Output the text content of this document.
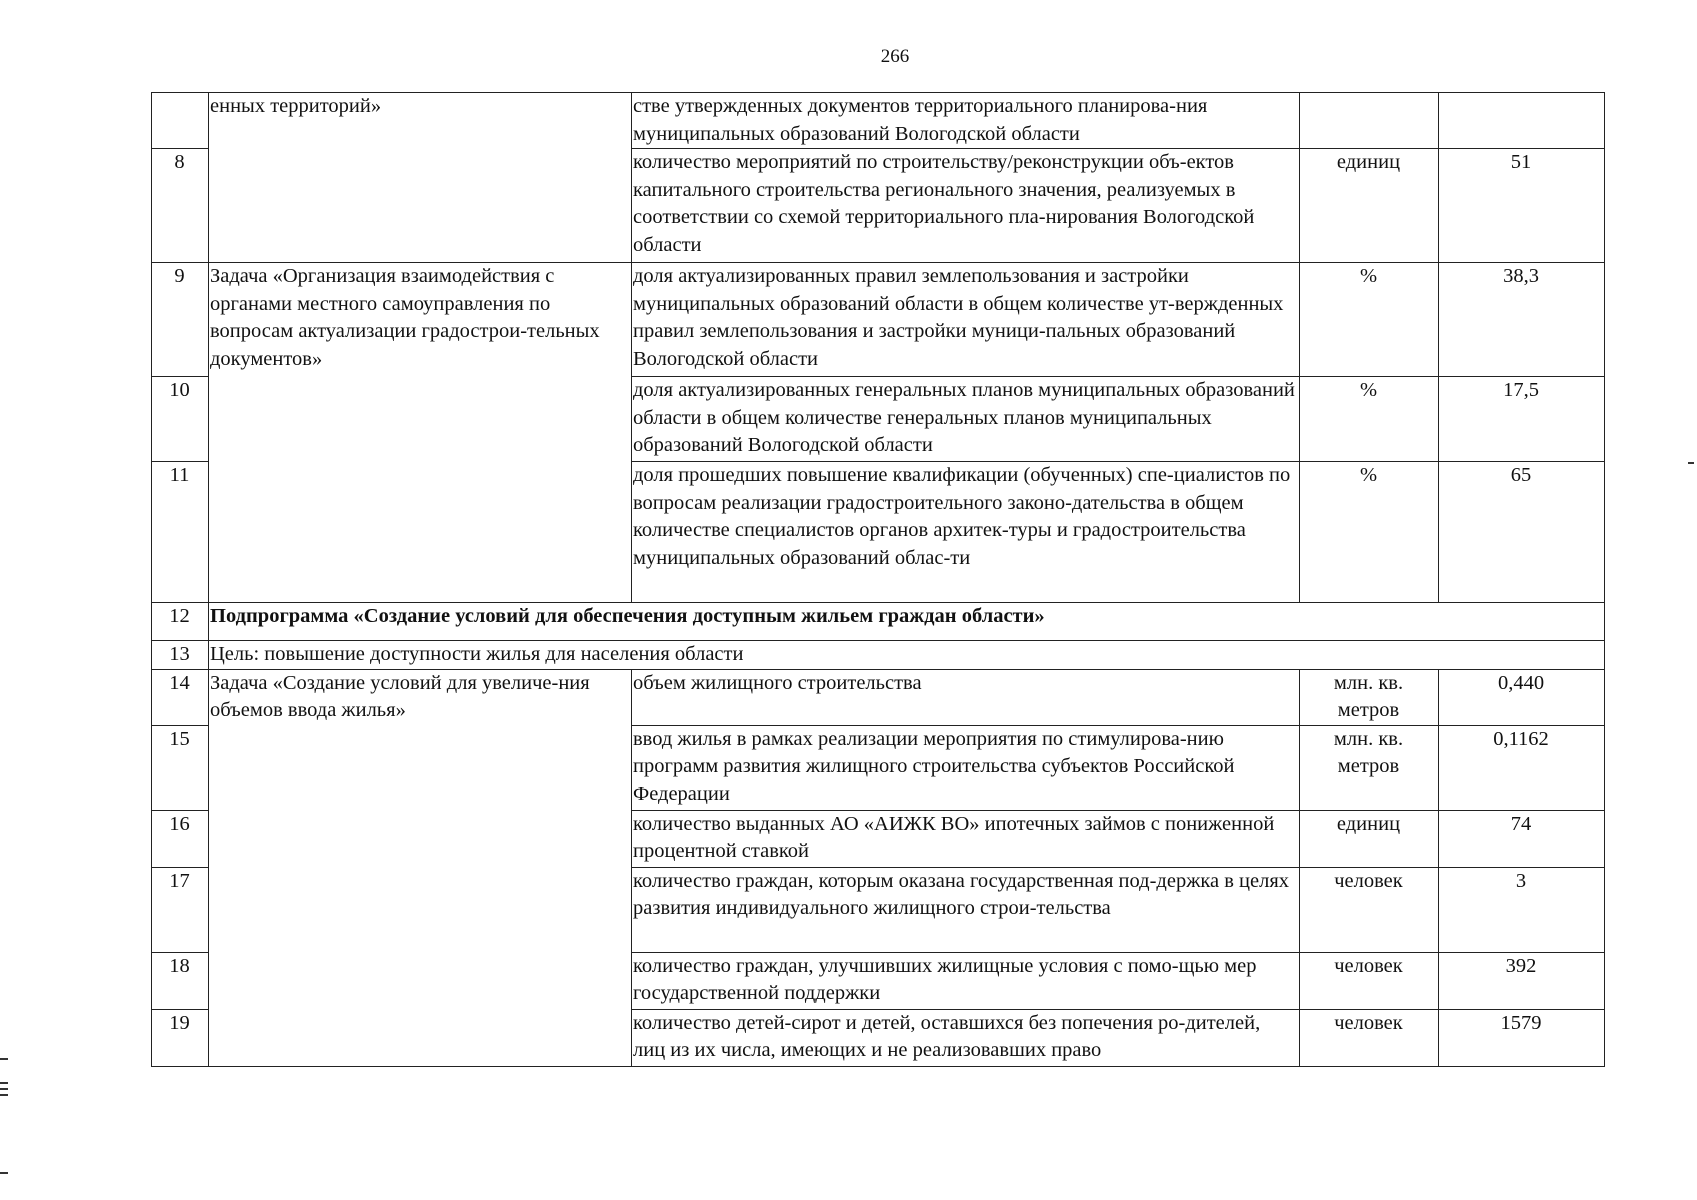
266
	енных территорий»	стве утвержденных документов территориального планирова-ния муниципальных образований Вологодской области		
8		количество мероприятий по строительству/реконструкции объ-ектов капитального строительства регионального значения, реализуемых в соответствии со схемой территориального пла-нирования Вологодской области	единиц	51
9	Задача «Организация взаимодействия с органами местного самоуправления по вопросам актуализации градострои-тельных документов»	доля актуализированных правил землепользования и застройки муниципальных образований области в общем количестве ут-вержденных правил землепользования и застройки муници-пальных образований Вологодской области	%	38,3
10		доля актуализированных генеральных планов муниципальных образований области в общем количестве генеральных планов муниципальных образований Вологодской области	%	17,5
11		доля прошедших повышение квалификации (обученных) спе-циалистов по вопросам реализации градостроительного законо-дательства в общем количестве специалистов органов архитек-туры и градостроительства муниципальных образований облас-ти	%	65
12	Подпрограмма «Создание условий для обеспечения доступным жильем граждан области»			
13	Цель: повышение доступности жилья для населения области			
14	Задача «Создание условий для увеличе-ния объемов ввода жилья»	объем жилищного строительства	млн. кв. метров	0,440
15		ввод жилья в рамках реализации мероприятия по стимулирова-нию программ развития жилищного строительства субъектов Российской Федерации	млн. кв. метров	0,1162
16		количество выданных АО «АИЖК ВО» ипотечных займов с пониженной процентной ставкой	единиц	74
17		количество граждан, которым оказана государственная под-держка в целях развития индивидуального жилищного строи-тельства	человек	3
18		количество граждан, улучшивших жилищные условия с помо-щью мер государственной поддержки	человек	392
19		количество детей-сирот и детей, оставшихся без попечения ро-дителей, лиц из их числа, имеющих и не реализовавших право	человек	1579
